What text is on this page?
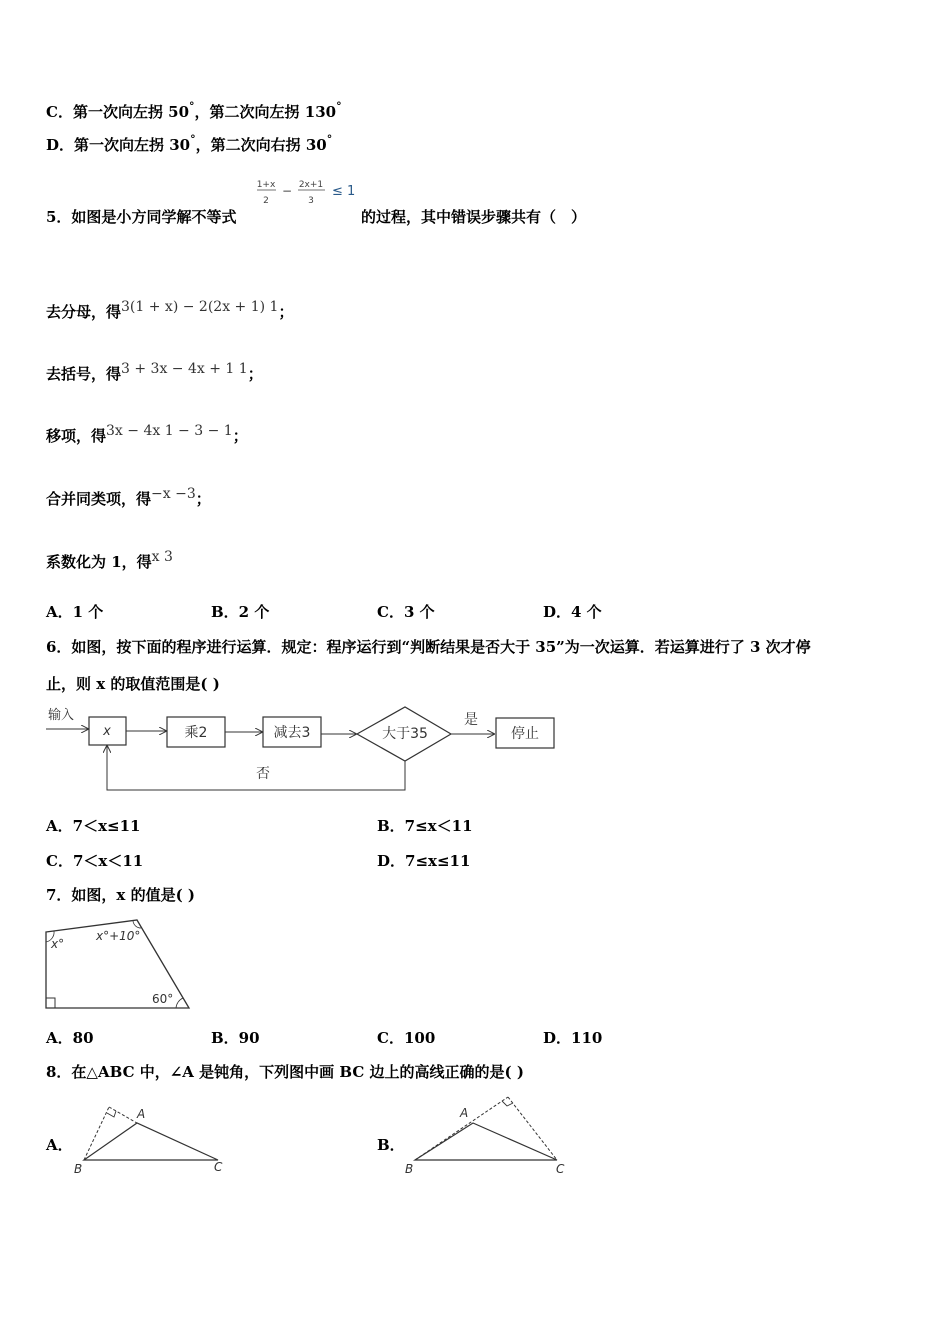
C．第一次向左拐 50°，第二次向左拐 130°
D．第一次向左拐 30°，第二次向右拐 30°
5．如图是小方同学解不等式
1+x
2
− 2x+1
3
≤ 1
的过程，其中错误步骤共有（　）
去分母，得3(1 + x) − 2(2x + 1) 1；
去括号，得3 + 3x − 4x + 1 1；
移项，得3x − 4x 1 − 3 − 1；
合并同类项，得−x −3；
系数化为 1，得x 3
A．1 个	B．2 个	C．3 个	D．4 个
6．如图，按下面的程序进行运算．规定：程序运行到“判断结果是否大于 35”为一次运算．若运算进行了 3 次才停
止，则 x 的取值范围是( )
输入
x	乘2	减去3	大于35
是
停止
否
A．7＜x≤11	B．7≤x＜11
C．7＜x＜11	D．7≤x≤11
7．如图，x 的值是( )
x°
x°+10°
60°
A．80	B．90	C．100	D．110
8．在△ABC 中，∠A 是钝角，下列图中画 BC 边上的高线正确的是( )
A．
A
B	C
B．
A
B	C
